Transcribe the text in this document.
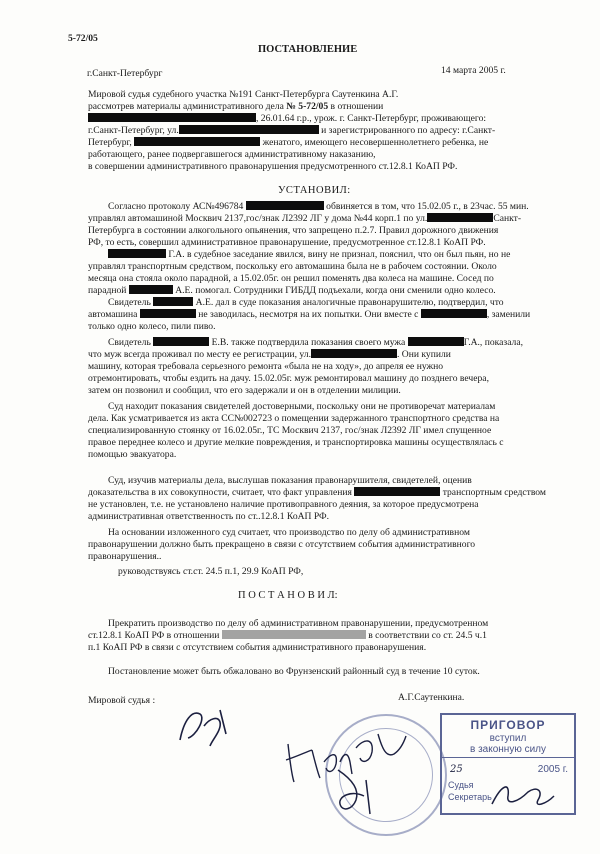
5-72/05
ПОСТАНОВЛЕНИЕ
г.Санкт-Петербург	14 марта 2005 г.
Мировой судья судебного участка №191 Санкт-Петербурга Саутенкина А.Г.
рассмотрев материалы административного дела № 5-72/05 в отношении
, 26.01.64 г.р., урож. г. Санкт-Петербург, проживающего:
г.Санкт-Петербург, ул.	и зарегистрированного по адресу: г.Санкт-
Петербург,	женатого, имеющего несовершеннолетнего ребенка, не
работающего, ранее подвергавшегося административному наказанию,
в совершении административного правонарушения предусмотренного ст.12.8.1 КоАП РФ.
УСТАНОВИЛ:
Согласно протоколу АС№496784	обвиняется в том, что 15.02.05 г., в 23час. 55 мин.
управлял автомашиной Москвич 2137,гос/знак Л2392 ЛГ у дома №44 корп.1 по ул.	Санкт-
Петербурга в состоянии алкогольного опьянения, что запрещено п.2.7. Правил дорожного движения
РФ, то есть, совершил административное правонарушение, предусмотренное ст.12.8.1 КоАП РФ.
Г.А. в судебное заседание явился, вину не признал, пояснил, что он был пьян, но не
управлял транспортным средством, поскольку его автомашина была не в рабочем состоянии. Около
месяца она стояла около парадной, а 15.02.05г. он решил поменять два колеса на машине. Сосед по
парадной	А.Е. помогал. Сотрудники ГИБДД подъехали, когда они сменили одно колесо.
Свидетель	А.Е. дал в суде показания аналогичные правонарушителю, подтвердил, что
автомашина	не заводилась, несмотря на их попытки. Они вместе с	, заменили
только одно колесо, пили пиво.
Свидетель	Е.В. также подтвердила показания своего мужа	Г.А., показала,
что муж всегда проживал по месту ее регистрации, ул.	. Они купили
машину, которая требовала серьезного ремонта «была не на ходу», до апреля ее нужно
отремонтировать, чтобы ездить на дачу. 15.02.05г. муж ремонтировал машину до позднего вечера,
затем он позвонил и сообщил, что его задержали и он в отделении милиции.
Суд находит показания свидетелей достоверными, поскольку они не противоречат материалам
дела. Как усматривается из акта СС№002723 о помещении задержанного транспортного средства на
специализированную стоянку от 16.02.05г., ТС Москвич 2137, гос/знак Л2392 ЛГ имел спущенное
правое переднее колесо и другие мелкие повреждения, и транспортировка машины осуществлялась с
помощью эвакуатора.
Суд, изучив материалы дела, выслушав показания правонарушителя, свидетелей, оценив
доказательства в их совокупности, считает, что факт управления	транспортным средством
не установлен, т.е. не установлено наличие противоправного деяния, за которое предусмотрена
административная ответственность по ст..12.8.1 КоАП РФ.
На основании изложенного суд считает, что производство по делу об административном
правонарушении должно быть прекращено в связи с отсутствием события административного
правонарушения..
руководствуясь ст.ст. 24.5 п.1, 29.9 КоАП РФ,
П О С Т А Н О В И Л:
Прекратить производство по делу об административном правонарушении, предусмотренном
ст.12.8.1 КоАП РФ в отношении	в соответствии со ст. 24.5 ч.1
п.1 КоАП РФ в связи с отсутствием события административного правонарушения.
Постановление может быть обжаловано во Фрунзенский районный суд в течение 10 суток.
Мировой судья :	А.Г.Саутенкина.
ПРИГОВОР
вступил
в законную силу
25	2005 г.
Судья
Секретарь
